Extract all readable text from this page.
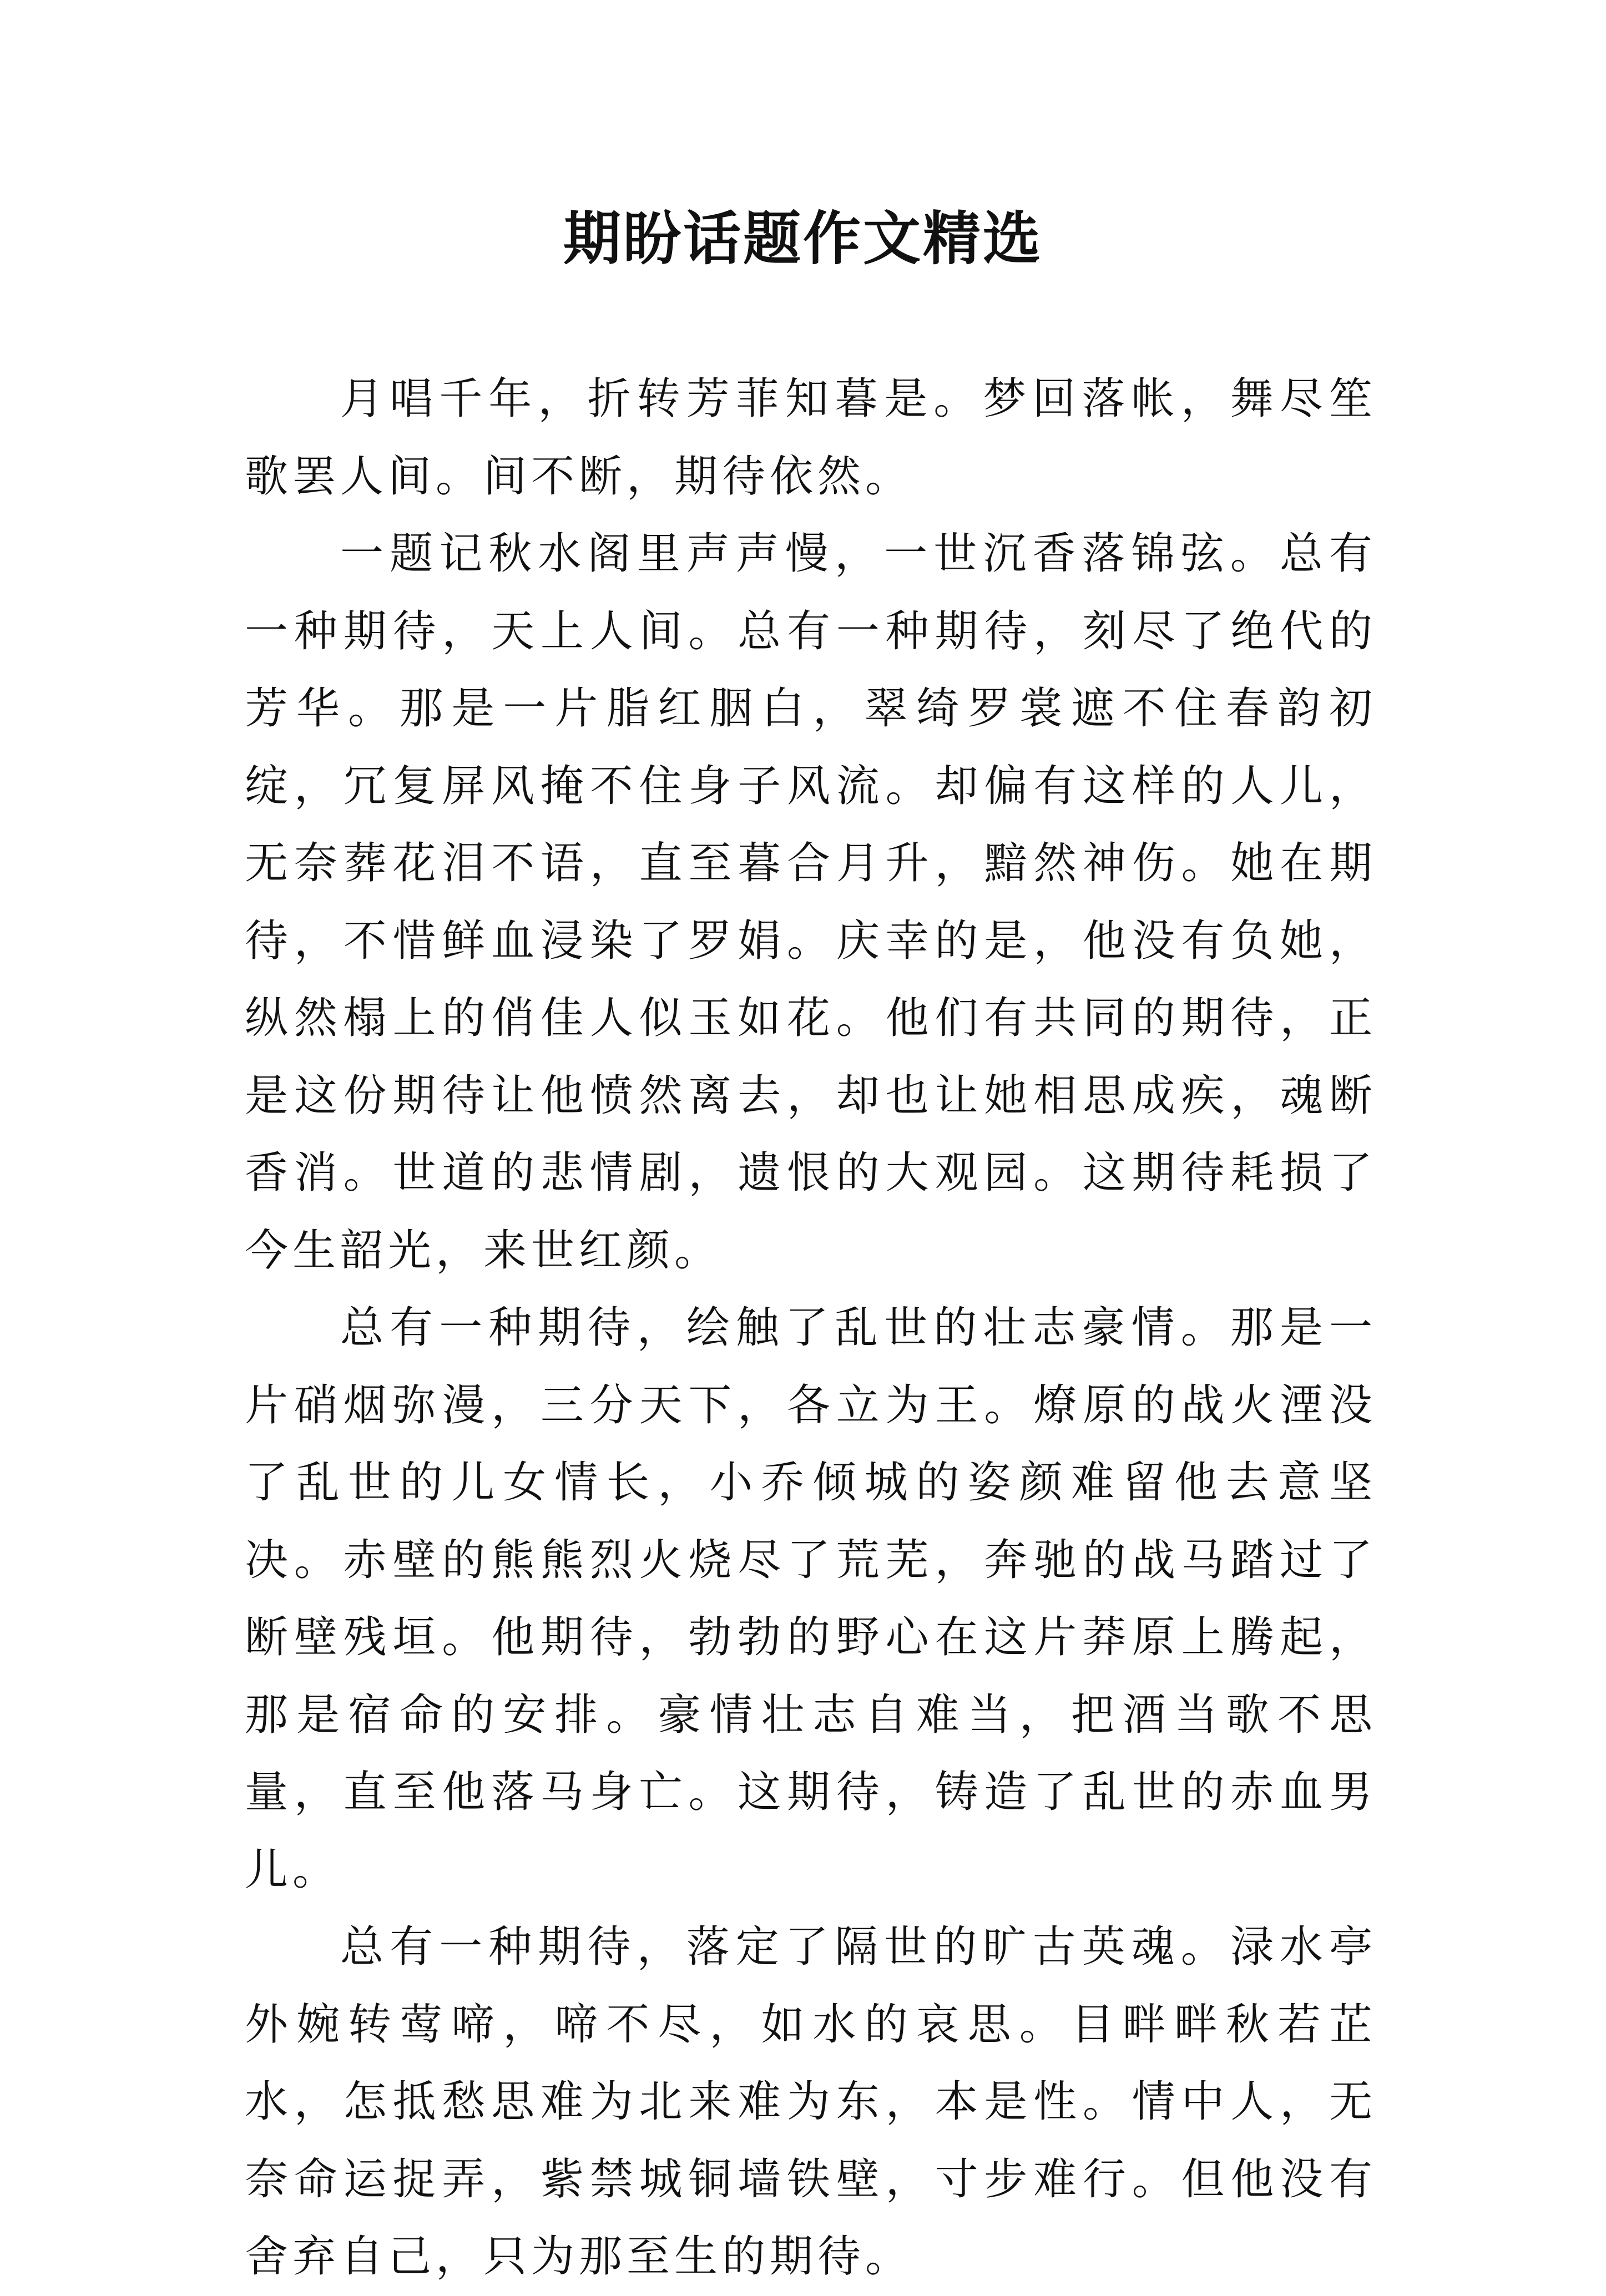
期盼话题作文精选

月唱千年，折转芳菲知暮是。梦回落帐，舞尽笙歌罢人间。间不断，期待依然。

一题记秋水阁里声声慢，一世沉香落锦弦。总有一种期待，天上人间。总有一种期待，刻尽了绝代的芳华。那是一片脂红胭白，翠绮罗裳遮不住春韵初绽，冗复屏风掩不住身子风流。却偏有这样的人儿，无奈葬花泪不语，直至暮合月升，黯然神伤。她在期待，不惜鲜血浸染了罗娟。庆幸的是，他没有负她，纵然榻上的俏佳人似玉如花。他们有共同的期待，正是这份期待让他愤然离去，却也让她相思成疾，魂断香消。世道的悲情剧，遗恨的大观园。这期待耗损了今生韶光，来世红颜。

总有一种期待，绘触了乱世的壮志豪情。那是一片硝烟弥漫，三分天下，各立为王。燎原的战火湮没了乱世的儿女情长，小乔倾城的姿颜难留他去意坚决。赤壁的熊熊烈火烧尽了荒芜，奔驰的战马踏过了断壁残垣。他期待，勃勃的野心在这片莽原上腾起，那是宿命的安排。豪情壮志自难当，把酒当歌不思量，直至他落马身亡。这期待，铸造了乱世的赤血男儿。

总有一种期待，落定了隔世的旷古英魂。渌水亭外婉转莺啼，啼不尽，如水的哀思。目畔畔秋若芷水，怎抵愁思难为北来难为东，本是性。情中人，无奈命运捉弄，紫禁城铜墙铁壁，寸步难行。但他没有舍弃自己，只为那至生的期待。
